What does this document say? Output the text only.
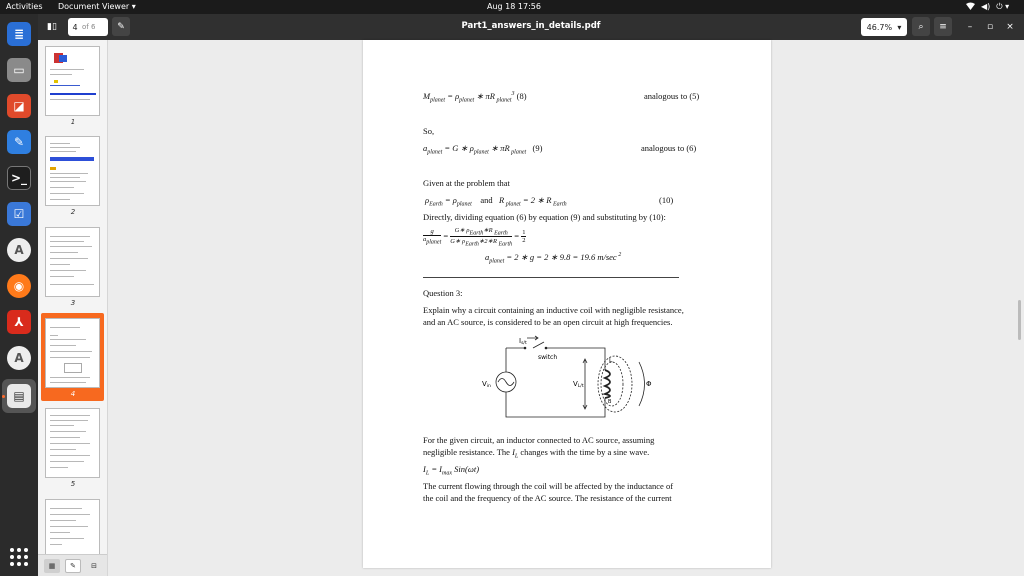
Activities Document Viewer ▾	Aug 18 17:56	◀) ⏻ ▾
≣
▭
◪
✎
>_
☑
A
◉
⅄
A
▤
Part1_answers_in_details.pdf
▮▯	4 of 6 ✎	46.7% ▾ ⌕ ≡ – ▫ ×
1
2
3
4
5
▦ ✎ ⊟
$M_{planet} = \rho_{planet}$ ∗ πR $_{planet}^3$ (8)	analogous to (5)
So,
$a_{planet} = G$ ∗ $\rho_{planet}$ ∗ πR $_{planet}$ (9)	analogous to (6)
Given at the problem that
$\rho_{Earth} = \rho_{planet}$ and R $_{planet}$ = 2 ∗ R $_{Earth}$	(10)
Directly, dividing equation (6) by equation (9) and substituting by (10):
$\frac{g}{a_{planet}} = \frac{G∗ \rho_{Earth}∗R _{Earth}}{G∗ \rho_{Earth}∗2∗R _{Earth}} = \frac{1}{2}$
$a_{planet} = 2$ ∗ g = 2 ∗ 9.8 = 19.6 m/sec $^2$
Question 3:
Explain why a circuit containing an inductive coil with negligible resistance,
and an AC source, is considered to be an open circuit at high frequencies.
Is/t
switch
Vin	VL/t
L
Φ
B
For the given circuit, an inductor connected to AC source, assuming
negligible resistance. The $I_L$ changes with the time by a sine wave.
$I_L = I_{max}$ Sin(ωt)
The current flowing through the coil will be affected by the inductance of
the coil and the frequency of the AC source. The resistance of the current
